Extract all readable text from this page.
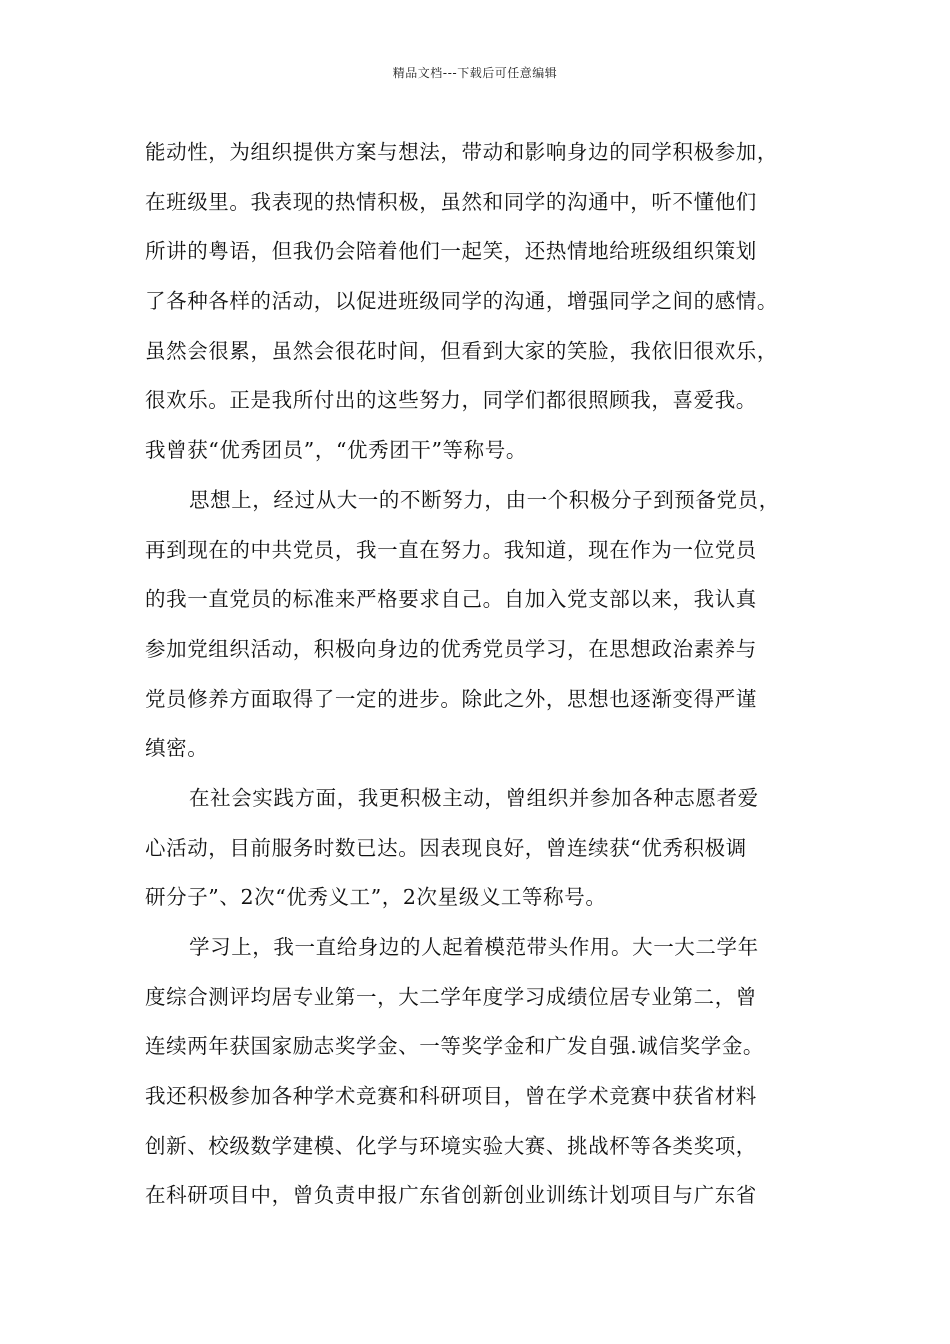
精品文档---下载后可任意编辑
能动性，为组织提供方案与想法，带动和影响身边的同学积极参加，
在班级里。我表现的热情积极，虽然和同学的沟通中，听不懂他们
所讲的粤语，但我仍会陪着他们一起笑，还热情地给班级组织策划
了各种各样的活动，以促进班级同学的沟通，增强同学之间的感情。
虽然会很累，虽然会很花时间，但看到大家的笑脸，我依旧很欢乐，
很欢乐。正是我所付出的这些努力，同学们都很照顾我，喜爱我。
我曾获“优秀团员”，“优秀团干”等称号。
思想上，经过从大一的不断努力，由一个积极分子到预备党员，
再到现在的中共党员，我一直在努力。我知道，现在作为一位党员
的我一直党员的标准来严格要求自己。自加入党支部以来，我认真
参加党组织活动，积极向身边的优秀党员学习，在思想政治素养与
党员修养方面取得了一定的进步。除此之外，思想也逐渐变得严谨
缜密。
在社会实践方面，我更积极主动，曾组织并参加各种志愿者爱
心活动，目前服务时数已达。因表现良好，曾连续获“优秀积极调
研分子”、2次“优秀义工”，2次星级义工等称号。
学习上，我一直给身边的人起着模范带头作用。大一大二学年
度综合测评均居专业第一，大二学年度学习成绩位居专业第二，曾
连续两年获国家励志奖学金、一等奖学金和广发自强.诚信奖学金。
我还积极参加各种学术竞赛和科研项目，曾在学术竞赛中获省材料
创新、校级数学建模、化学与环境实验大赛、挑战杯等各类奖项，
在科研项目中，曾负责申报广东省创新创业训练计划项目与广东省
